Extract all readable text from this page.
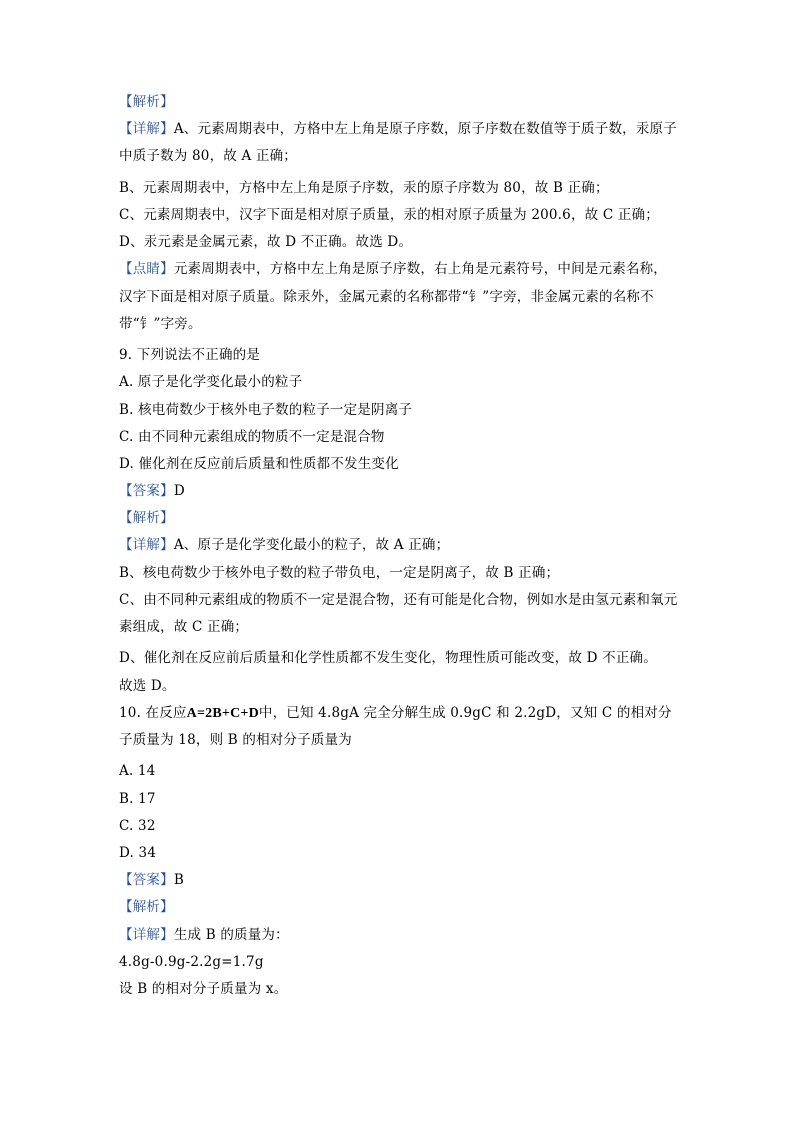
【解析】
【详解】A、元素周期表中，方格中左上角是原子序数，原子序数在数值等于质子数，汞原子中质子数为 80，故 A 正确；
B、元素周期表中，方格中左上角是原子序数，汞的原子序数为 80，故 B 正确；
C、元素周期表中，汉字下面是相对原子质量，汞的相对原子质量为 200.6，故 C 正确；
D、汞元素是金属元素，故 D 不正确。故选 D。
【点睛】元素周期表中，方格中左上角是原子序数，右上角是元素符号，中间是元素名称，汉字下面是相对原子质量。除汞外，金属元素的名称都带“钅”字旁，非金属元素的名称不带“钅”字旁。
9. 下列说法不正确的是
A. 原子是化学变化最小的粒子
B. 核电荷数少于核外电子数的粒子一定是阴离子
C. 由不同种元素组成的物质不一定是混合物
D. 催化剂在反应前后质量和性质都不发生变化
【答案】D
【解析】
【详解】A、原子是化学变化最小的粒子，故 A 正确；
B、核电荷数少于核外电子数的粒子带负电，一定是阴离子，故 B 正确；
C、由不同种元素组成的物质不一定是混合物，还有可能是化合物，例如水是由氢元素和氧元素组成，故 C 正确；
D、催化剂在反应前后质量和化学性质都不发生变化，物理性质可能改变，故 D 不正确。
故选 D。
10. 在反应A=2B+C+D中，已知 4.8gA 完全分解生成 0.9gC 和 2.2gD，又知 C 的相对分子质量为 18，则 B 的相对分子质量为
A. 14
B. 17
C. 32
D. 34
【答案】B
【解析】
【详解】生成 B 的质量为：
4.8g-0.9g-2.2g=1.7g
设 B 的相对分子质量为 x。
